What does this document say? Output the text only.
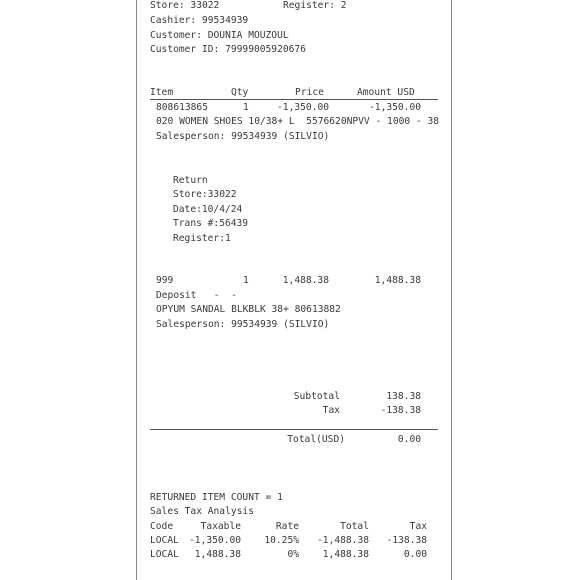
Store: 33022	Register: 2
Cashier: 99534939
Customer: DOUNIA MOUZOUL
Customer ID: 79999005920676
Item	Qty	Price	Amount USD
808613865	1	-1,350.00	-1,350.00
020 WOMEN SHOES 10/38+ L  5576620NPVV - 1000 - 38
Salesperson: 99534939 (SILVIO)
Return
Store:33022
Date:10/4/24
Trans #:56439
Register:1
999	1	1,488.38	1,488.38
Deposit   -  -
OPYUM SANDAL BLKBLK 38+ 80613882
Salesperson: 99534939 (SILVIO)
Subtotal	138.38
Tax	-138.38
Total(USD)	0.00
RETURNED ITEM COUNT = 1
Sales Tax Analysis
Code	Taxable	Rate	Total	Tax
LOCAL	-1,350.00	10.25%	-1,488.38	-138.38
LOCAL	1,488.38	0%	1,488.38	0.00
